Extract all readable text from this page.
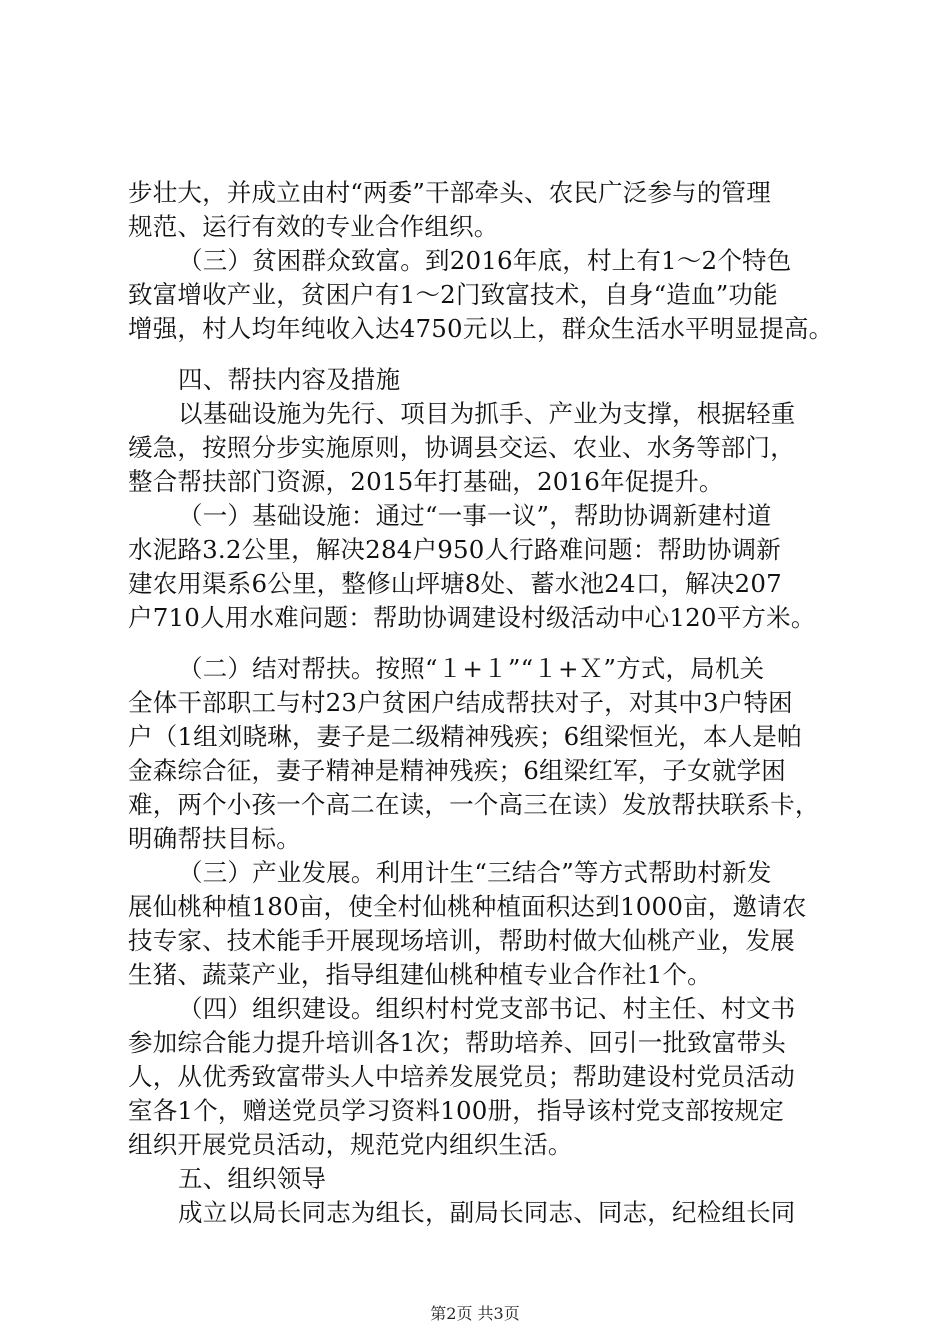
步壮大，并成立由村“两委”干部牵头、农民广泛参与的管理
规范、运行有效的专业合作组织。
（三）贫困群众致富。到2016年底，村上有1～2个特色
致富增收产业，贫困户有1～2门致富技术，自身“造血”功能
增强，村人均年纯收入达4750元以上，群众生活水平明显提高。
四、帮扶内容及措施
以基础设施为先行、项目为抓手、产业为支撑，根据轻重
缓急，按照分步实施原则，协调县交运、农业、水务等部门，
整合帮扶部门资源，2015年打基础，2016年促提升。
（一）基础设施：通过“一事一议”，帮助协调新建村道
水泥路3.2公里，解决284户950人行路难问题：帮助协调新
建农用渠系6公里，整修山坪塘8处、蓄水池24口，解决207
户710人用水难问题：帮助协调建设村级活动中心120平方米。
（二）结对帮扶。按照“１+１”“１+Ｘ”方式，局机关
全体干部职工与村23户贫困户结成帮扶对子，对其中3户特困
户（1组刘晓琳，妻子是二级精神残疾；6组梁恒光，本人是帕
金森综合征，妻子精神是精神残疾；6组梁红军，子女就学困
难，两个小孩一个高二在读，一个高三在读）发放帮扶联系卡，
明确帮扶目标。
（三）产业发展。利用计生“三结合”等方式帮助村新发
展仙桃种植180亩，使全村仙桃种植面积达到1000亩，邀请农
技专家、技术能手开展现场培训，帮助村做大仙桃产业，发展
生猪、蔬菜产业，指导组建仙桃种植专业合作社1个。
（四）组织建设。组织村村党支部书记、村主任、村文书
参加综合能力提升培训各1次；帮助培养、回引一批致富带头
人，从优秀致富带头人中培养发展党员；帮助建设村党员活动
室各1个，赠送党员学习资料100册，指导该村党支部按规定
组织开展党员活动，规范党内组织生活。
五、组织领导
成立以局长同志为组长，副局长同志、同志，纪检组长同
第2页 共3页
